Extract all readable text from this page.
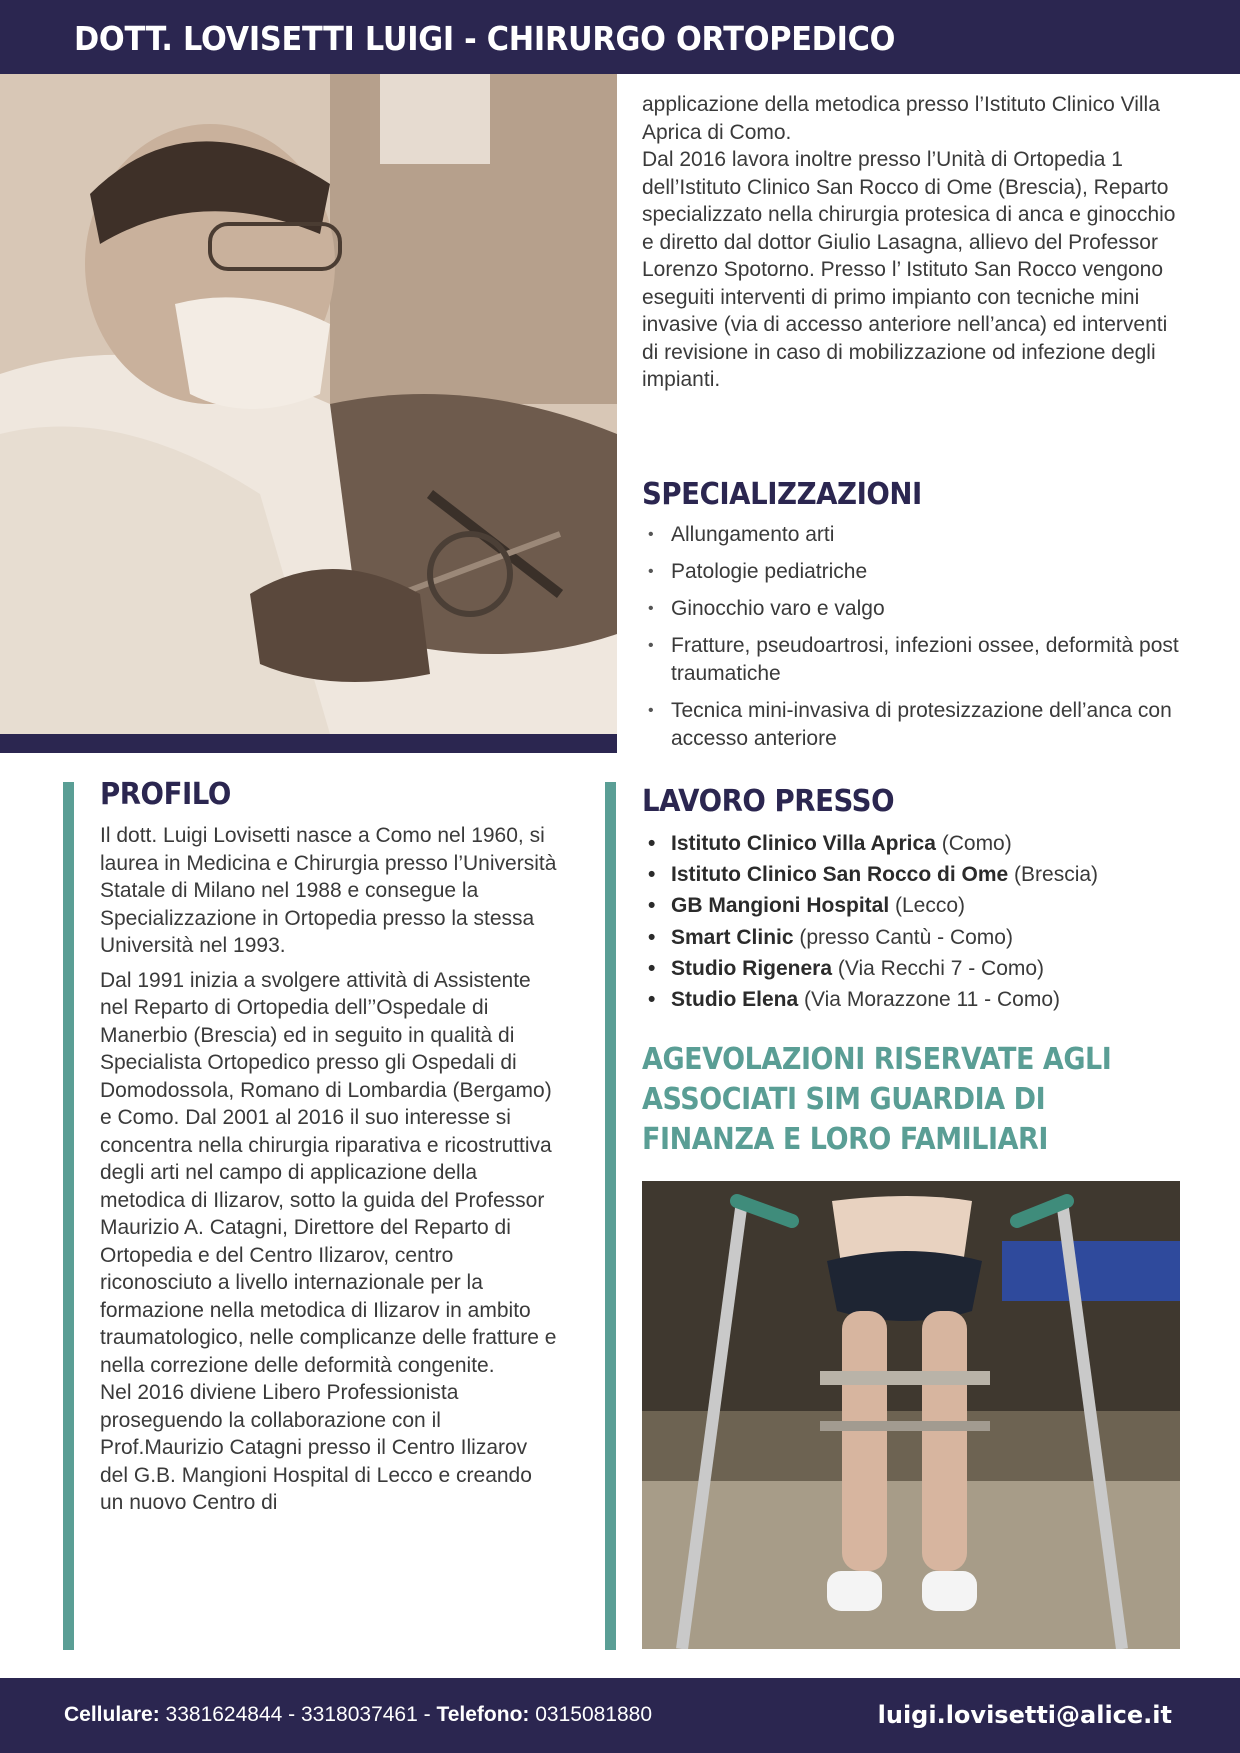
DOTT. LOVISETTI LUIGI - CHIRURGO ORTOPEDICO

applicazione della metodica presso l’Istituto Clinico Villa Aprica di Como.
Dal 2016 lavora inoltre presso l’Unità di Ortopedia 1 dell’Istituto Clinico San Rocco di Ome (Brescia), Reparto specializzato nella chirurgia protesica di anca e ginocchio e diretto dal dottor Giulio Lasagna, allievo del Professor Lorenzo Spotorno. Presso l’ Istituto San Rocco vengono eseguiti interventi di primo impianto con tecniche mini invasive (via di accesso anteriore nell’anca) ed interventi di revisione in caso di mobilizzazione od infezione degli impianti.

SPECIALIZZAZIONI
• Allungamento arti
• Patologie pediatriche
• Ginocchio varo e valgo
• Fratture, pseudoartrosi, infezioni ossee, deformità post traumatiche
• Tecnica mini-invasiva di protesizzazione dell’anca con accesso anteriore
PROFILO

Il dott. Luigi Lovisetti nasce a Como nel 1960, si laurea in Medicina e Chirurgia presso l’Università Statale di Milano nel 1988 e consegue la Specializzazione in Ortopedia presso la stessa Università nel 1993.

Dal 1991 inizia a svolgere attività di Assistente nel Reparto di Ortopedia dell’’Ospedale di Manerbio (Brescia) ed in seguito in qualità di Specialista Ortopedico presso gli Ospedali di Domodossola, Romano di Lombardia (Bergamo) e Como. Dal 2001 al 2016 il suo interesse si concentra nella chirurgia riparativa e ricostruttiva degli arti nel campo di applicazione della metodica di Ilizarov, sotto la guida del Professor Maurizio A. Catagni, Direttore del Reparto di Ortopedia e del Centro Ilizarov, centro riconosciuto a livello internazionale per la formazione nella metodica di Ilizarov in ambito traumatologico, nelle complicanze delle fratture e nella correzione delle deformità congenite.
Nel 2016 diviene Libero Professionista proseguendo la collaborazione con il Prof.Maurizio Catagni presso il Centro Ilizarov del G.B. Mangioni Hospital di Lecco e creando un nuovo Centro di

LAVORO PRESSO
• Istituto Clinico Villa Aprica (Como)
• Istituto Clinico San Rocco di Ome (Brescia)
• GB Mangioni Hospital (Lecco)
• Smart Clinic (presso Cantù - Como)
• Studio Rigenera (Via Recchi 7 - Como)
• Studio Elena (Via Morazzone 11 - Como)
AGEVOLAZIONI RISERVATE AGLI ASSOCIATI SIM GUARDIA DI FINANZA E LORO FAMILIARI
Cellulare: 3381624844 - 3318037461 - Telefono: 0315081880	luigi.lovisetti@alice.it
